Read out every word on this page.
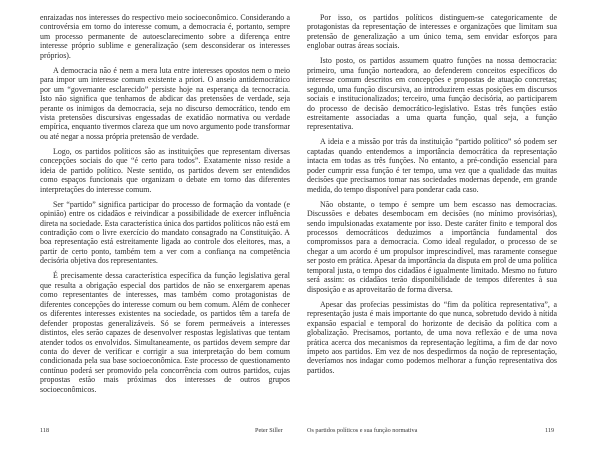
enraizadas nos interesses do respectivo meio socioeconômico. Considerando a controvérsia em torno do interesse comum, a democracia é, portanto, sempre um processo permanente de autoesclarecimento sobre a diferença entre interesse próprio sublime e generalização (sem desconsiderar os interesses próprios).

A democracia não é nem a mera luta entre interesses opostos nem o meio para impor um interesse comum existente a priori. O anseio antidemocrático por um “governante esclarecido” persiste hoje na esperança da tecnocracia. Isto não significa que tenhamos de abdicar das pretensões de verdade, seja perante os inimigos da democracia, seja no discurso democrático, tendo em vista pretensões discursivas engessadas de exatidão normativa ou verdade empírica, enquanto tivermos clareza que um novo argumento pode transformar ou até negar a nossa própria pretensão de verdade.

Logo, os partidos políticos são as instituições que representam diversas concepções sociais do que “é certo para todos”. Exatamente nisso reside a ideia de partido político. Neste sentido, os partidos devem ser entendidos como espaços funcionais que organizam o debate em torno das diferentes interpretações do interesse comum.

Ser “partido” significa participar do processo de formação da vontade (e opinião) entre os cidadãos e reivindicar a possibilidade de exercer influência direta na sociedade. Esta característica única dos partidos políticos não está em contradição com o livre exercício do mandato consagrado na Constituição. A boa representação está estreitamente ligada ao controle dos eleitores, mas, a partir de certo ponto, também tem a ver com a confiança na competência decisória objetiva dos representantes.

É precisamente dessa característica específica da função legislativa geral que resulta a obrigação especial dos partidos de não se enxergarem apenas como representantes de interesses, mas também como protagonistas de diferentes concepções do interesse comum ou bem comum. Além de conhecer os diferentes interesses existentes na sociedade, os partidos têm a tarefa de defender propostas generalizáveis. Só se forem permeáveis a interesses distintos, eles serão capazes de desenvolver respostas legislativas que tentam atender todos os envolvidos. Simultaneamente, os partidos devem sempre dar conta do dever de verificar e corrigir a sua interpretação do bem comum condicionada pela sua base socioeconômica. Este processo de questionamento contínuo poderá ser promovido pela concorrência com outros partidos, cujas propostas estão mais próximas dos interesses de outros grupos socioeconômicos.

118	Peter Siller

Por isso, os partidos políticos distinguem-se categoricamente de protagonistas da representação de interesses e organizações que limitam sua pretensão de generalização a um único tema, sem envidar esforços para englobar outras áreas sociais.

Isto posto, os partidos assumem quatro funções na nossa democracia: primeiro, uma função norteadora, ao defenderem conceitos específicos do interesse comum descritos em concepções e propostas de atuação concretas; segundo, uma função discursiva, ao introduzirem essas posições em discursos sociais e institucionalizados; terceiro, uma função decisória, ao participarem do processo de decisão democrático-legislativo. Estas três funções estão estreitamente associadas a uma quarta função, qual seja, a função representativa.

A ideia e a missão por trás da instituição “partido político” só podem ser captadas quando entendemos a importância democrática da representação intacta em todas as três funções. No entanto, a pré-condição essencial para poder cumprir essa função é ter tempo, uma vez que a qualidade das muitas decisões que precisamos tomar nas sociedades modernas depende, em grande medida, do tempo disponível para ponderar cada caso.

Não obstante, o tempo é sempre um bem escasso nas democracias. Discussões e debates desembocam em decisões (no mínimo provisórias), sendo impulsionadas exatamente por isso. Deste caráter finito e temporal dos processos democráticos deduzimos a importância fundamental dos compromissos para a democracia. Como ideal regulador, o processo de se chegar a um acordo é um propulsor imprescindível, mas raramente consegue ser posto em prática. Apesar da importância da disputa em prol de uma política temporal justa, o tempo dos cidadãos é igualmente limitado. Mesmo no futuro será assim: os cidadãos terão disponibilidade de tempos diferentes à sua disposição e as aproveitarão de forma diversa.

Apesar das profecias pessimistas do “fim da política representativa”, a representação justa é mais importante do que nunca, sobretudo devido à nítida expansão espacial e temporal do horizonte de decisão da política com a globalização. Precisamos, portanto, de uma nova reflexão e de uma nova prática acerca dos mecanismos da representação legítima, a fim de dar novo ímpeto aos partidos. Em vez de nos despedirmos da noção de representação, deveríamos nos indagar como podemos melhorar a função representativa dos partidos.

Os partidos políticos e sua função normativa	119
